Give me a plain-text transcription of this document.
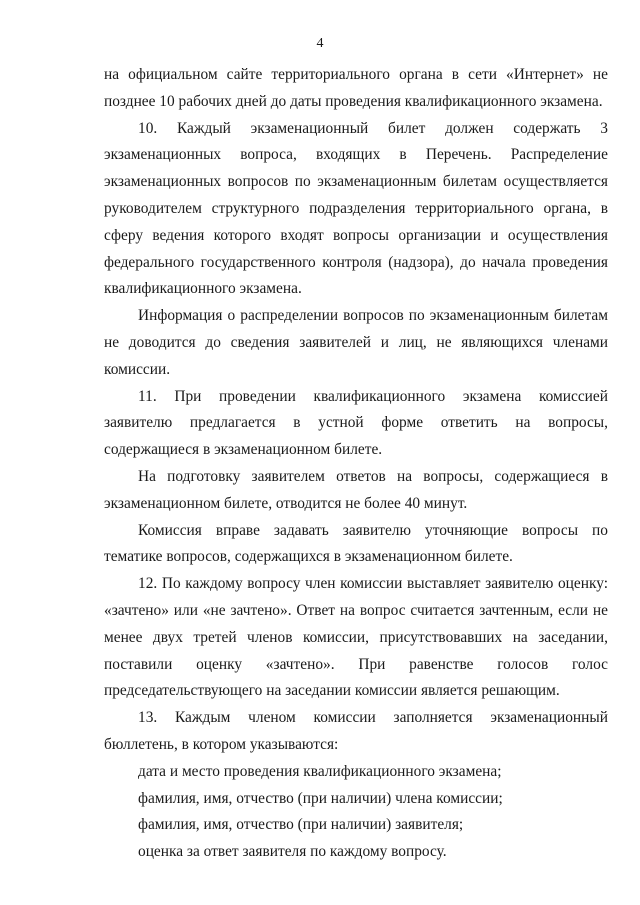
4

на официальном сайте территориального органа в сети «Интернет» не позднее 10 рабочих дней до даты проведения квалификационного экзамена.

10. Каждый экзаменационный билет должен содержать 3 экзаменационных вопроса, входящих в Перечень. Распределение экзаменационных вопросов по экзаменационным билетам осуществляется руководителем структурного подразделения территориального органа, в сферу ведения которого входят вопросы организации и осуществления федерального государственного контроля (надзора), до начала проведения квалификационного экзамена.

Информация о распределении вопросов по экзаменационным билетам не доводится до сведения заявителей и лиц, не являющихся членами комиссии.

11. При проведении квалификационного экзамена комиссией заявителю предлагается в устной форме ответить на вопросы, содержащиеся в экзаменационном билете.

На подготовку заявителем ответов на вопросы, содержащиеся в экзаменационном билете, отводится не более 40 минут.

Комиссия вправе задавать заявителю уточняющие вопросы по тематике вопросов, содержащихся в экзаменационном билете.

12. По каждому вопросу член комиссии выставляет заявителю оценку: «зачтено» или «не зачтено». Ответ на вопрос считается зачтенным, если не менее двух третей членов комиссии, присутствовавших на заседании, поставили оценку «зачтено». При равенстве голосов голос председательствующего на заседании комиссии является решающим.

13. Каждым членом комиссии заполняется экзаменационный бюллетень, в котором указываются:

дата и место проведения квалификационного экзамена;

фамилия, имя, отчество (при наличии) члена комиссии;

фамилия, имя, отчество (при наличии) заявителя;

оценка за ответ заявителя по каждому вопросу.
